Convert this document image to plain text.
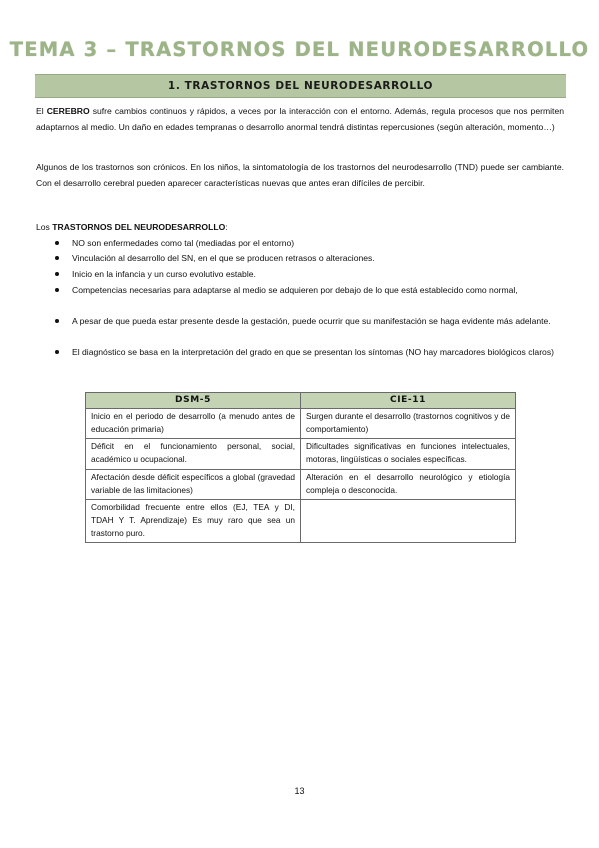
TEMA 3 – TRASTORNOS DEL NEURODESARROLLO
1. TRASTORNOS DEL NEURODESARROLLO
El CEREBRO sufre cambios continuos y rápidos, a veces por la interacción con el entorno. Además, regula procesos que nos permiten adaptarnos al medio. Un daño en edades tempranas o desarrollo anormal tendrá distintas repercusiones (según alteración, momento…)
Algunos de los trastornos son crónicos. En los niños, la sintomatología de los trastornos del neurodesarrollo (TND) puede ser cambiante. Con el desarrollo cerebral pueden aparecer características nuevas que antes eran difíciles de percibir.
Los TRASTORNOS DEL NEURODESARROLLO:
NO son enfermedades como tal (mediadas por el entorno)
Vinculación al desarrollo del SN, en el que se producen retrasos o alteraciones.
Inicio en la infancia y un curso evolutivo estable.
Competencias necesarias para adaptarse al medio se adquieren por debajo de lo que está establecido como normal,
A pesar de que pueda estar presente desde la gestación, puede ocurrir que su manifestación se haga evidente más adelante.
El diagnóstico se basa en la interpretación del grado en que se presentan los síntomas (NO hay marcadores biológicos claros)
DSM-5	CIE-11
Inicio en el periodo de desarrollo (a menudo antes de educación primaria)	Surgen durante el desarrollo (trastornos cognitivos y de comportamiento)
Déficit en el funcionamiento personal, social, académico u ocupacional.	Dificultades significativas en funciones intelectuales, motoras, lingüísticas o sociales específicas.
Afectación desde déficit específicos a global (gravedad variable de las limitaciones)	Alteración en el desarrollo neurológico y etiología compleja o desconocida.
Comorbilidad frecuente entre ellos (EJ, TEA y DI, TDAH Y T. Aprendizaje) Es muy raro que sea un trastorno puro.	
13
